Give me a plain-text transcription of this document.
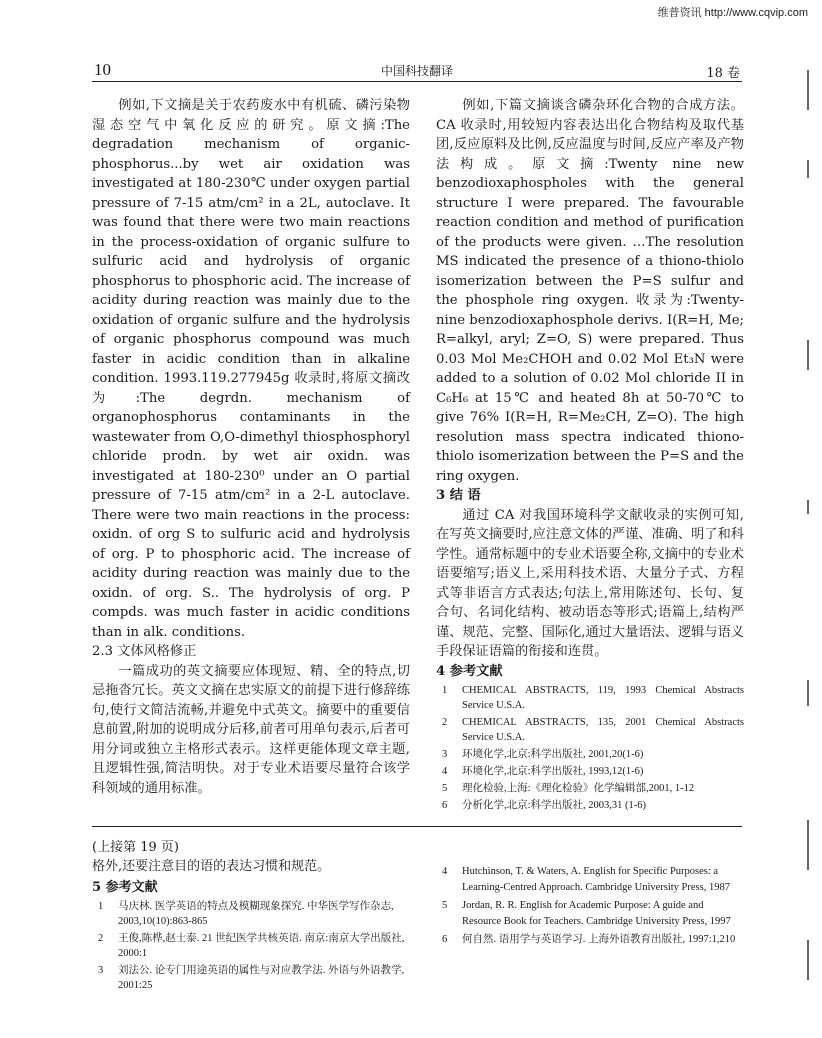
维普资讯 http://www.cqvip.com
10	中国科技翻译	18 卷

例如,下文摘是关于农药废水中有机硫、磷污染物湿态空气中氧化反应的研究。原文摘:The degradation mechanism of organic-phosphorus...by wet air oxidation was investigated at 180-230℃ under oxygen partial pressure of 7-15 atm/cm² in a 2L, autoclave. It was found that there were two main reactions in the process-oxidation of organic sulfure to sulfuric acid and hydrolysis of organic phosphorus to phosphoric acid. The increase of acidity during reaction was mainly due to the oxidation of organic sulfure and the hydrolysis of organic phosphorus compound was much faster in acidic condition than in alkaline condition. 1993.119.277945g 收录时,将原文摘改为:The degrdn. mechanism of organophosphorus contaminants in the wastewater from O,O-dimethyl thiosphosphoryl chloride prodn. by wet air oxidn. was investigated at 180-230⁰ under an O partial pressure of 7-15 atm/cm² in a 2-L autoclave. There were two main reactions in the process: oxidn. of org S to sulfuric acid and hydrolysis of org. P to phosphoric acid. The increase of acidity during reaction was mainly due to the oxidn. of org. S.. The hydrolysis of org. P compds. was much faster in acidic conditions than in alk. conditions.

2.3 文体风格修正

一篇成功的英文摘要应体现短、精、全的特点,切忌拖沓冗长。英文文摘在忠实原文的前提下进行修辞练句,使行文简洁流畅,并避免中式英文。摘要中的重要信息前置,附加的说明成分后移,前者可用单句表示,后者可用分词或独立主格形式表示。这样更能体现文章主题,且逻辑性强,简洁明快。对于专业术语要尽量符合该学科领域的通用标准。

例如,下篇文摘谈含磷杂环化合物的合成方法。CA 收录时,用较短内容表达出化合物结构及取代基团,反应原料及比例,反应温度与时间,反应产率及产物法构成。原文摘:Twenty nine new benzodioxaphospholes with the general structure I were prepared. The favourable reaction condition and method of purification of the products were given. …The resolution MS indicated the presence of a thiono-thiolo isomerization between the P=S sulfur and the phosphole ring oxygen. 收录为:Twenty-nine benzodioxaphosphole derivs. I(R=H, Me; R=alkyl, aryl; Z=O, S) were prepared. Thus 0.03 Mol Me₂CHOH and 0.02 Mol Et₃N were added to a solution of 0.02 Mol chloride II in C₆H₆ at 15℃ and heated 8h at 50-70℃ to give 76% I(R=H, R=Me₂CH, Z=O). The high resolution mass spectra indicated thiono-thiolo isomerization between the P=S and the ring oxygen.

3 结 语

通过 CA 对我国环境科学文献收录的实例可知,在写英文摘要时,应注意文体的严谨、准确、明了和科学性。通常标题中的专业术语要全称,文摘中的专业术语要缩写;语义上,采用科技术语、大量分子式、方程式等非语言方式表达;句法上,常用陈述句、长句、复合句、名词化结构、被动语态等形式;语篇上,结构严谨、规范、完整、国际化,通过大量语法、逻辑与语义手段保证语篇的衔接和连贯。

4 参考文献

1 CHEMICAL ABSTRACTS, 119, 1993 Chemical Abstracts Service U.S.A.
2 CHEMICAL ABSTRACTS, 135, 2001 Chemical Abstracts Service U.S.A.
3 环境化学,北京:科学出版社, 2001,20(1-6)
4 环境化学,北京:科学出版社, 1993,12(1-6)
5 理化检验,上海:《理化检验》化学编辑部,2001, 1-12
6 分析化学,北京:科学出版社, 2003,31 (1-6)

(上接第 19 页)

格外,还要注意目的语的表达习惯和规范。

5 参考文献

1 马庆林. 医学英语的特点及模糊现象探究. 中华医学写作杂志, 2003,10(10):863-865
2 王俊,陈桦,赵士泰. 21 世纪医学共核英语. 南京:南京大学出版社, 2000:1
3 刘法公. 论专门用途英语的属性与对应教学法. 外语与外语教学, 2001:25
4 Hutchinson, T. & Waters, A. English for Specific Purposes: a Learning-Centred Approach. Cambridge University Press, 1987
5 Jordan, R. R. English for Academic Purpose: A guide and Resource Book for Teachers. Cambridge University Press, 1997
6 何自然. 语用学与英语学习. 上海外语教育出版社, 1997:1,210
